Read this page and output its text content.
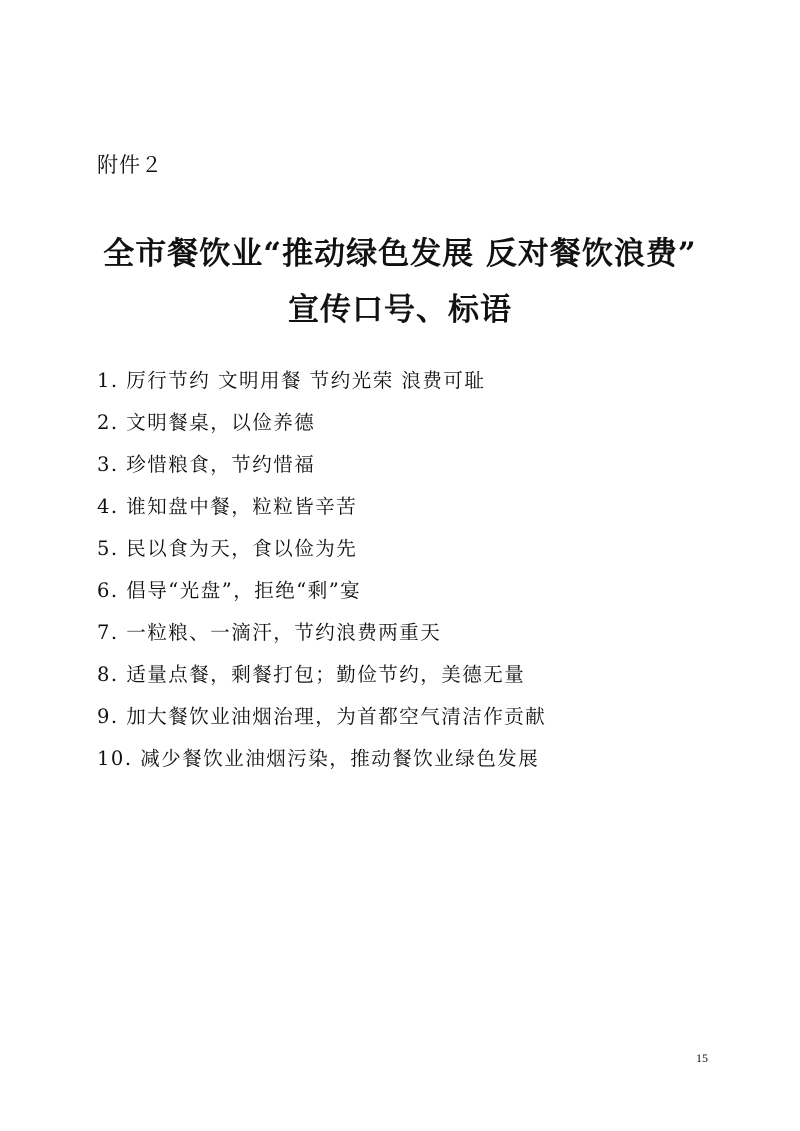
附件２
全市餐饮业“推动绿色发展 反对餐饮浪费”
宣传口号、标语
1. 厉行节约 文明用餐 节约光荣 浪费可耻
2. 文明餐桌，以俭养德
3. 珍惜粮食，节约惜福
4. 谁知盘中餐，粒粒皆辛苦
5. 民以食为天，食以俭为先
6. 倡导“光盘”，拒绝“剩”宴
7. 一粒粮、一滴汗，节约浪费两重天
8. 适量点餐，剩餐打包；勤俭节约，美德无量
9. 加大餐饮业油烟治理，为首都空气清洁作贡献
10. 减少餐饮业油烟污染，推动餐饮业绿色发展
15
